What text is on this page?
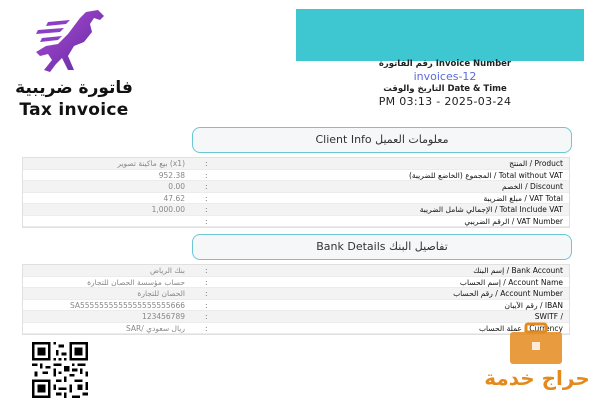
فاتورة ضريبية
Tax invoice
رقم الفاتورة Invoice Number
invoices-12
التاريخ والوقت Date & Time
PM 03:13 - 2025-03-24
Client Info معلومات العميل
بيع ماكينة تصوير (x1)	:	المنتج / Product
952.38	:	المجموع (الخاضع للضريبة) / Total without VAT
0.00	:	الخصم / Discount
47.62	:	مبلغ الضريبة / VAT Total
1,000.00	:	الإجمالي شامل الضريبة / Total Include VAT
:	الرقم الضريبي / VAT Number
Bank Details تفاصيل البنك
بنك الرياض	:	إسم البنك / Bank Account
حساب مؤسسة الحصان للتجارة	:	إسم الحساب / Account Name
الحصان للتجارة	:	رقم الحساب / Account Number
SA5555555555555555555666	:	رقم الآيبان / IBAN
123456789	:	SWITF /
SAR/ ريال سعودي	:	عملة الحساب / Currency
حراج خدمة
